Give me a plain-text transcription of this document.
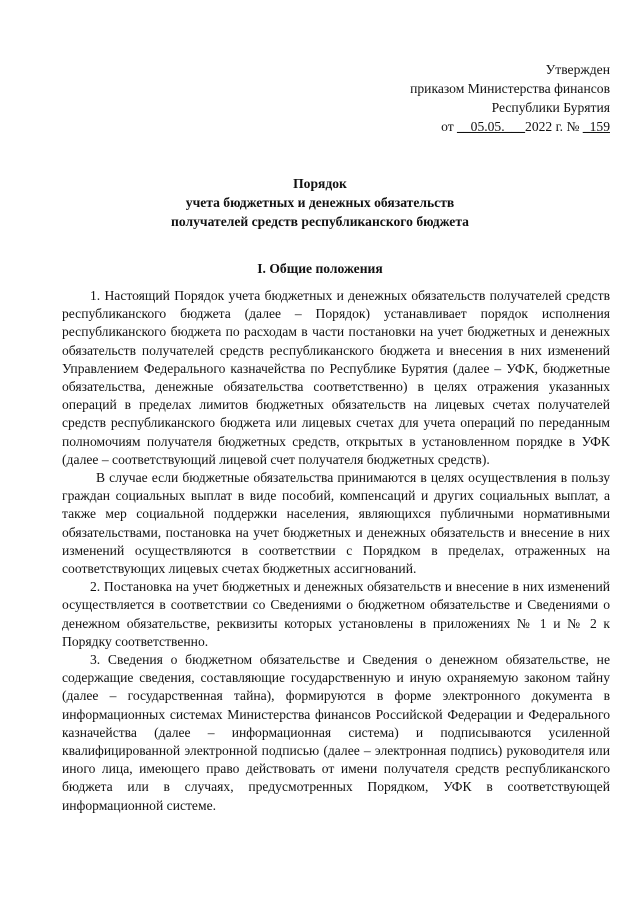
Утвержден
приказом Министерства финансов
Республики Бурятия
от __05.05.___2022 г. № _159
Порядок
учета бюджетных и денежных обязательств
получателей средств республиканского бюджета
I. Общие положения

1. Настоящий Порядок учета бюджетных и денежных обязательств получателей средств республиканского бюджета (далее – Порядок) устанавливает порядок исполнения республиканского бюджета по расходам в части постановки на учет бюджетных и денежных обязательств получателей средств республиканского бюджета и внесения в них изменений Управлением Федерального казначейства по Республике Бурятия (далее – УФК, бюджетные обязательства, денежные обязательства соответственно) в целях отражения указанных операций в пределах лимитов бюджетных обязательств на лицевых счетах получателей средств республиканского бюджета или лицевых счетах для учета операций по переданным полномочиям получателя бюджетных средств, открытых в установленном порядке в УФК (далее – соответствующий лицевой счет получателя бюджетных средств).

В случае если бюджетные обязательства принимаются в целях осуществления в пользу граждан социальных выплат в виде пособий, компенсаций и других социальных выплат, а также мер социальной поддержки населения, являющихся публичными нормативными обязательствами, постановка на учет бюджетных и денежных обязательств и внесение в них изменений осуществляются в соответствии с Порядком в пределах, отраженных на соответствующих лицевых счетах бюджетных ассигнований.

2. Постановка на учет бюджетных и денежных обязательств и внесение в них изменений осуществляется в соответствии со Сведениями о бюджетном обязательстве и Сведениями о денежном обязательстве, реквизиты которых установлены в приложениях № 1 и № 2 к Порядку соответственно.

3. Сведения о бюджетном обязательстве и Сведения о денежном обязательстве, не содержащие сведения, составляющие государственную и иную охраняемую законом тайну (далее – государственная тайна), формируются в форме электронного документа в информационных системах Министерства финансов Российской Федерации и Федерального казначейства (далее – информационная система) и подписываются усиленной квалифицированной электронной подписью (далее – электронная подпись) руководителя или иного лица, имеющего право действовать от имени получателя средств республиканского бюджета или в случаях, предусмотренных Порядком, УФК в соответствующей информационной системе.
